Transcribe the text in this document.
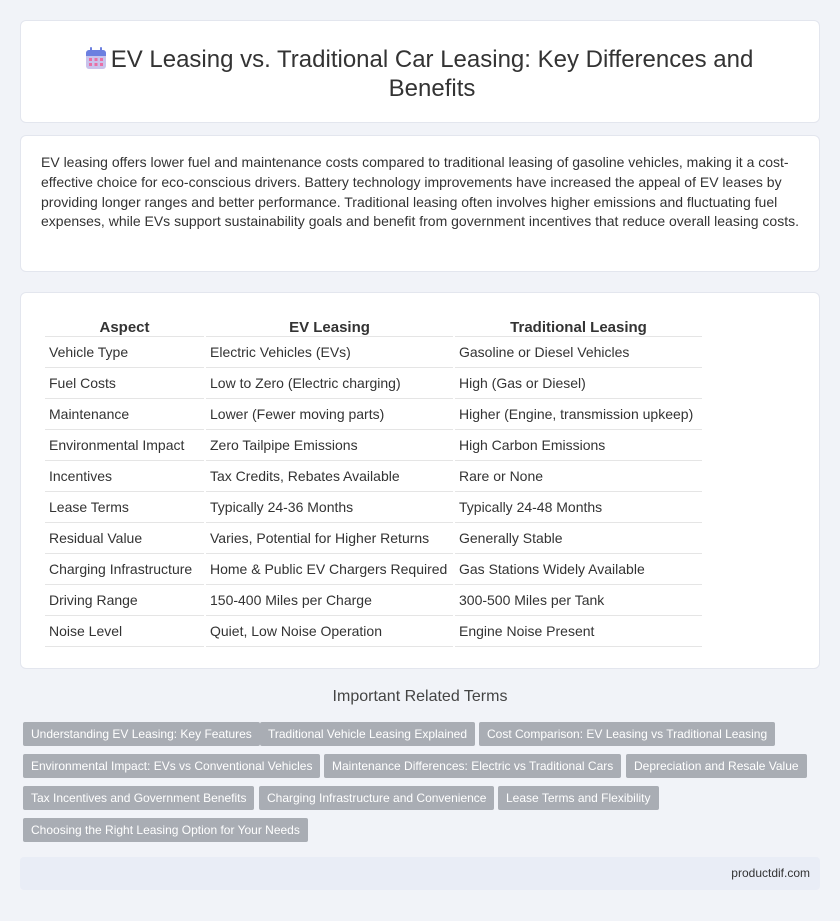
EV Leasing vs. Traditional Car Leasing: Key Differences and Benefits

EV leasing offers lower fuel and maintenance costs compared to traditional leasing of gasoline vehicles, making it a cost-effective choice for eco-conscious drivers. Battery technology improvements have increased the appeal of EV leases by providing longer ranges and better performance. Traditional leasing often involves higher emissions and fluctuating fuel expenses, while EVs support sustainability goals and benefit from government incentives that reduce overall leasing costs.

Aspect	EV Leasing	Traditional Leasing
Vehicle Type	Electric Vehicles (EVs)	Gasoline or Diesel Vehicles
Fuel Costs	Low to Zero (Electric charging)	High (Gas or Diesel)
Maintenance	Lower (Fewer moving parts)	Higher (Engine, transmission upkeep)
Environmental Impact	Zero Tailpipe Emissions	High Carbon Emissions
Incentives	Tax Credits, Rebates Available	Rare or None
Lease Terms	Typically 24-36 Months	Typically 24-48 Months
Residual Value	Varies, Potential for Higher Returns	Generally Stable
Charging Infrastructure	Home & Public EV Chargers Required	Gas Stations Widely Available
Driving Range	150-400 Miles per Charge	300-500 Miles per Tank
Noise Level	Quiet, Low Noise Operation	Engine Noise Present
Important Related Terms
Understanding EV Leasing: Key Features	Traditional Vehicle Leasing Explained	Cost Comparison: EV Leasing vs Traditional Leasing
Environmental Impact: EVs vs Conventional Vehicles	Maintenance Differences: Electric vs Traditional Cars	Depreciation and Resale Value
Tax Incentives and Government Benefits	Charging Infrastructure and Convenience	Lease Terms and Flexibility
Choosing the Right Leasing Option for Your Needs
productdif.com
